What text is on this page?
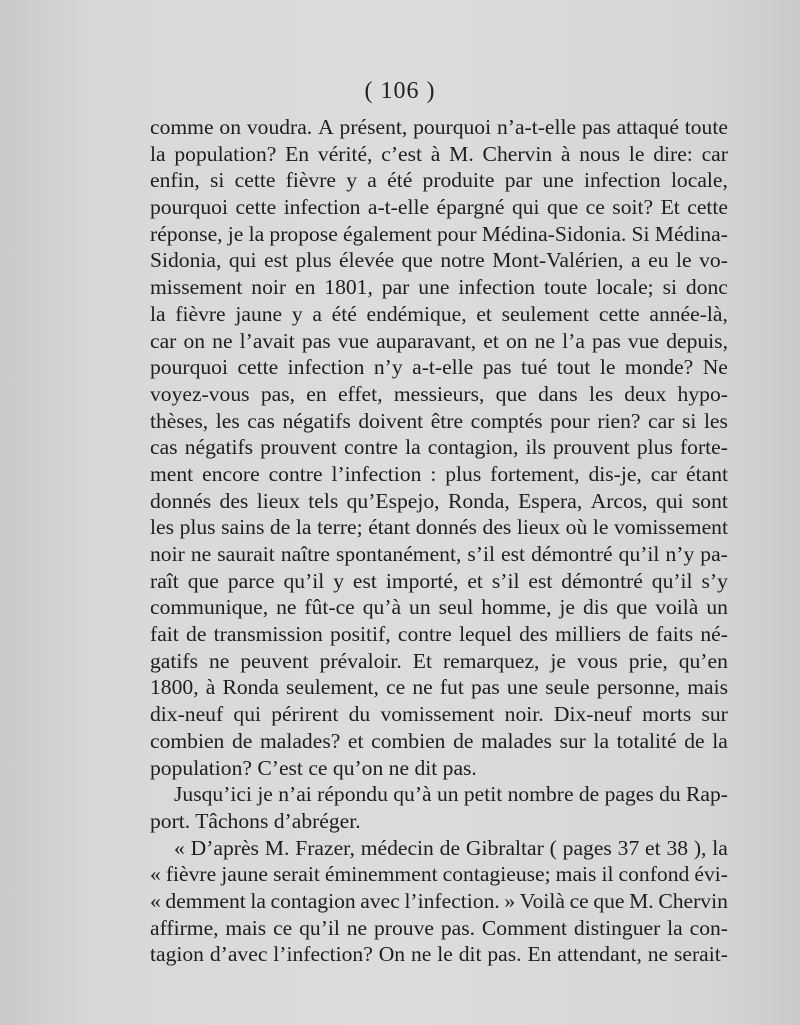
( 106 )
comme on voudra. A présent, pourquoi n’a-t-elle pas attaqué toute
la population? En vérité, c’est à M. Chervin à nous le dire: car
enfin, si cette fièvre y a été produite par une infection locale,
pourquoi cette infection a-t-elle épargné qui que ce soit? Et cette
réponse, je la propose également pour Médina-Sidonia. Si Médina-
Sidonia, qui est plus élevée que notre Mont-Valérien, a eu le vo-
missement noir en 1801, par une infection toute locale; si donc
la fièvre jaune y a été endémique, et seulement cette année-là,
car on ne l’avait pas vue auparavant, et on ne l’a pas vue depuis,
pourquoi cette infection n’y a-t-elle pas tué tout le monde? Ne
voyez-vous pas, en effet, messieurs, que dans les deux hypo-
thèses, les cas négatifs doivent être comptés pour rien? car si les
cas négatifs prouvent contre la contagion, ils prouvent plus forte-
ment encore contre l’infection : plus fortement, dis-je, car étant
donnés des lieux tels qu’Espejo, Ronda, Espera, Arcos, qui sont
les plus sains de la terre; étant donnés des lieux où le vomissement
noir ne saurait naître spontanément, s’il est démontré qu’il n’y pa-
raît que parce qu’il y est importé, et s’il est démontré qu’il s’y
communique, ne fût-ce qu’à un seul homme, je dis que voilà un
fait de transmission positif, contre lequel des milliers de faits né-
gatifs ne peuvent prévaloir. Et remarquez, je vous prie, qu’en
1800, à Ronda seulement, ce ne fut pas une seule personne, mais
dix-neuf qui périrent du vomissement noir. Dix-neuf morts sur
combien de malades? et combien de malades sur la totalité de la
population? C’est ce qu’on ne dit pas.
Jusqu’ici je n’ai répondu qu’à un petit nombre de pages du Rap-
port. Tâchons d’abréger.
« D’après M. Frazer, médecin de Gibraltar ( pages 37 et 38 ), la
« fièvre jaune serait éminemment contagieuse; mais il confond évi-
« demment la contagion avec l’infection. » Voilà ce que M. Chervin
affirme, mais ce qu’il ne prouve pas. Comment distinguer la con-
tagion d’avec l’infection? On ne le dit pas. En attendant, ne serait-
